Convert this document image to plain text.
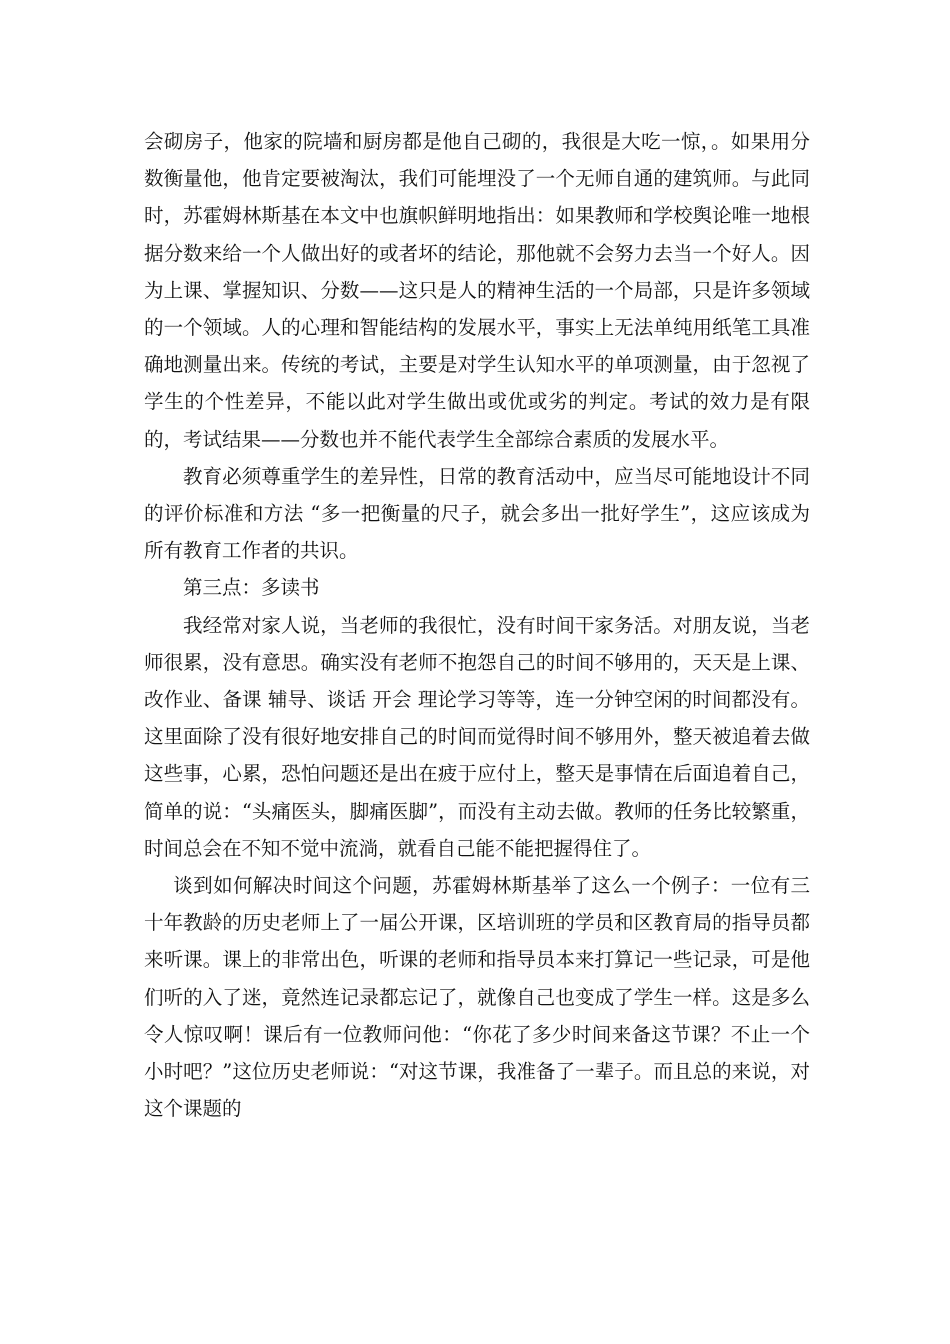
会砌房子，他家的院墙和厨房都是他自己砌的，我很是大吃一惊，。如果用分数衡量他，他肯定要被淘汰，我们可能埋没了一个无师自通的建筑师。与此同时，苏霍姆林斯基在本文中也旗帜鲜明地指出：如果教师和学校舆论唯一地根据分数来给一个人做出好的或者坏的结论，那他就不会努力去当一个好人。因为上课、掌握知识、分数——这只是人的精神生活的一个局部，只是许多领域的一个领域。人的心理和智能结构的发展水平，事实上无法单纯用纸笔工具准确地测量出来。传统的考试，主要是对学生认知水平的单项测量，由于忽视了学生的个性差异，不能以此对学生做出或优或劣的判定。考试的效力是有限的，考试结果——分数也并不能代表学生全部综合素质的发展水平。

教育必须尊重学生的差异性，日常的教育活动中，应当尽可能地设计不同的评价标准和方法 “多一把衡量的尺子，就会多出一批好学生”，这应该成为所有教育工作者的共识。

第三点：多读书

我经常对家人说，当老师的我很忙，没有时间干家务活。对朋友说，当老师很累，没有意思。确实没有老师不抱怨自己的时间不够用的，天天是上课、改作业、备课 辅导、谈话 开会 理论学习等等，连一分钟空闲的时间都没有。这里面除了没有很好地安排自己的时间而觉得时间不够用外，整天被追着去做这些事，心累，恐怕问题还是出在疲于应付上，整天是事情在后面追着自己，简单的说：“头痛医头，脚痛医脚”，而没有主动去做。教师的任务比较繁重，时间总会在不知不觉中流淌，就看自己能不能把握得住了。

谈到如何解决时间这个问题，苏霍姆林斯基举了这么一个例子：一位有三十年教龄的历史老师上了一届公开课，区培训班的学员和区教育局的指导员都来听课。课上的非常出色，听课的老师和指导员本来打算记一些记录，可是他们听的入了迷，竟然连记录都忘记了，就像自己也变成了学生一样。这是多么令人惊叹啊！课后有一位教师问他：“你花了多少时间来备这节课？不止一个小时吧？”这位历史老师说：“对这节课，我准备了一辈子。而且总的来说，对这个课题的
